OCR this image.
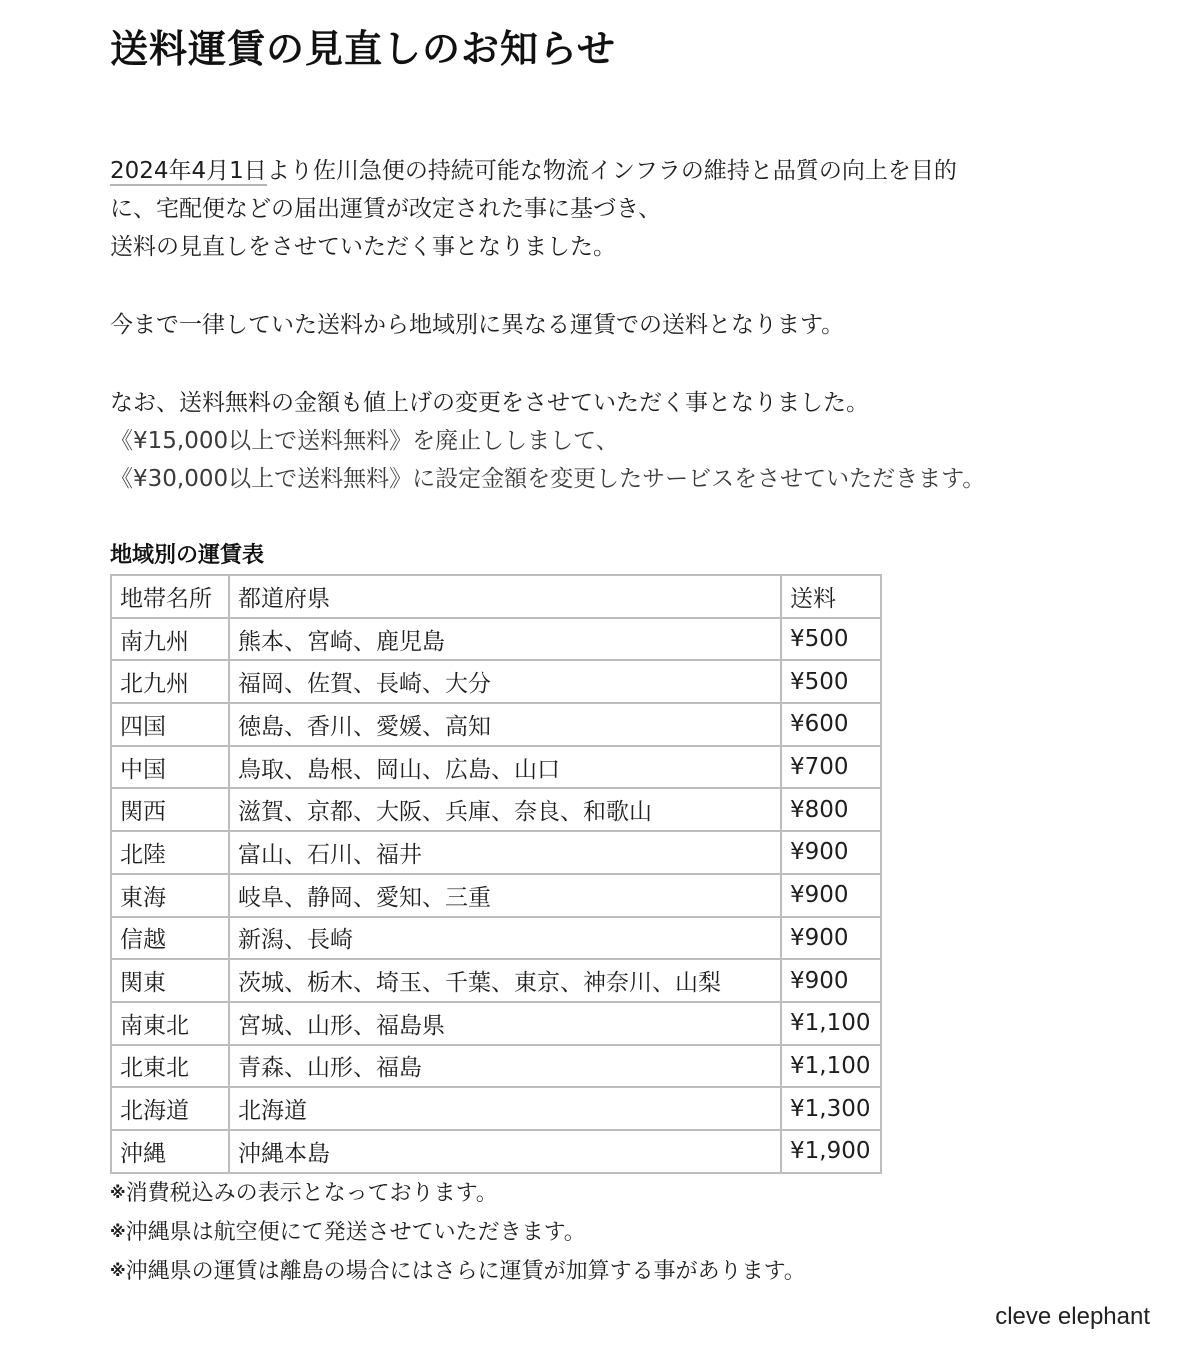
送料運賃の見直しのお知らせ
2024年4月1日より佐川急便の持続可能な物流インフラの維持と品質の向上を目的
に、宅配便などの届出運賃が改定された事に基づき、
送料の見直しをさせていただく事となりました。
今まで一律していた送料から地域別に異なる運賃での送料となります。
なお、送料無料の金額も値上げの変更をさせていただく事となりました。
《¥15,000以上で送料無料》を廃止ししまして、
《¥30,000以上で送料無料》に設定金額を変更したサービスをさせていただきます。
地域別の運賃表
地帯名所	都道府県	送料
南九州	熊本、宮崎、鹿児島	¥500
北九州	福岡、佐賀、長崎、大分	¥500
四国	徳島、香川、愛媛、高知	¥600
中国	鳥取、島根、岡山、広島、山口	¥700
関西	滋賀、京都、大阪、兵庫、奈良、和歌山	¥800
北陸	富山、石川、福井	¥900
東海	岐阜、静岡、愛知、三重	¥900
信越	新潟、長崎	¥900
関東	茨城、栃木、埼玉、千葉、東京、神奈川、山梨	¥900
南東北	宮城、山形、福島県	¥1,100
北東北	青森、山形、福島	¥1,100
北海道	北海道	¥1,300
沖縄	沖縄本島	¥1,900
※消費税込みの表示となっております。
※沖縄県は航空便にて発送させていただきます。
※沖縄県の運賃は離島の場合にはさらに運賃が加算する事があります。
cleve elephant
